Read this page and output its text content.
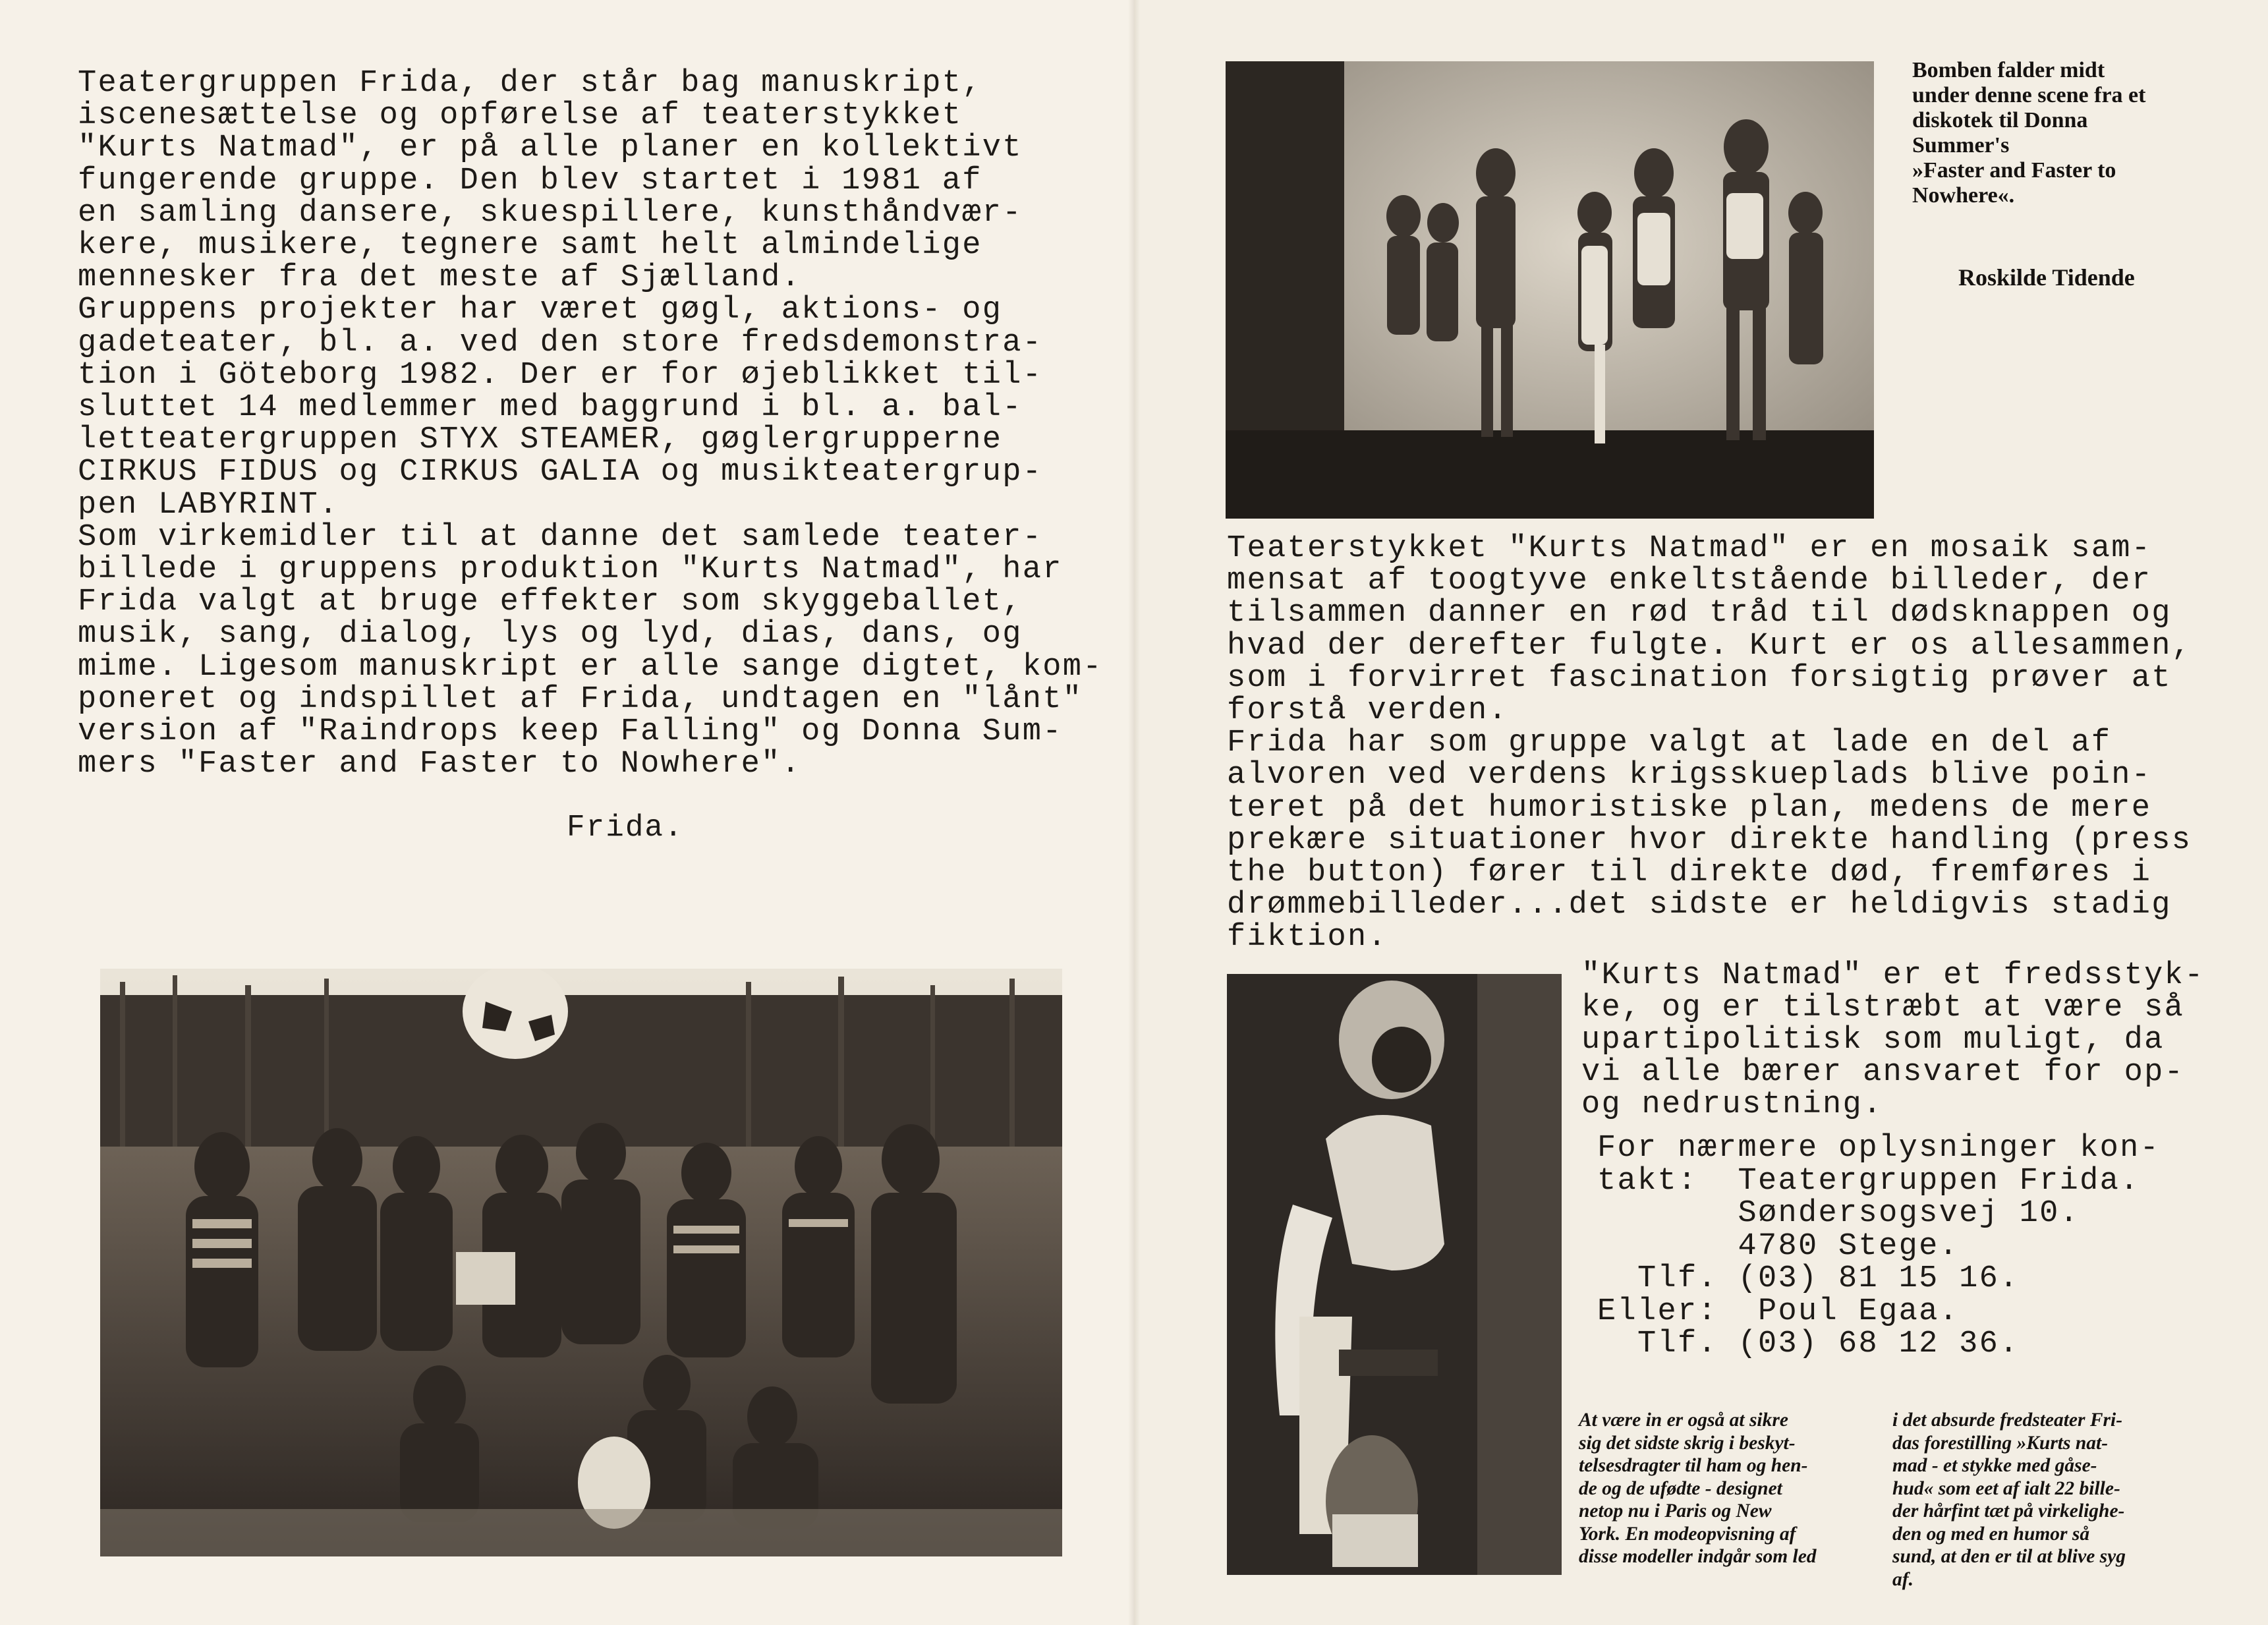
Teatergruppen Frida, der står bag manuskript,

iscenesættelse og opførelse af teaterstykket

"Kurts Natmad", er på alle planer en kollektivt

fungerende gruppe. Den blev startet i 1981 af

en samling dansere, skuespillere, kunsthåndvær-

kere, musikere, tegnere samt helt almindelige

mennesker fra det meste af Sjælland.

Gruppens projekter har været gøgl, aktions- og

gadeteater, bl. a. ved den store fredsdemonstra-

tion i Göteborg 1982. Der er for øjeblikket til-

sluttet 14 medlemmer med baggrund i bl. a. bal-

letteatergruppen STYX STEAMER, gøglergrupperne

CIRKUS FIDUS og CIRKUS GALIA og musikteatergrup-

pen LABYRINT.

Som virkemidler til at danne det samlede teater-

billede i gruppens produktion "Kurts Natmad", har

Frida valgt at bruge effekter som skyggeballet,

musik, sang, dialog, lys og lyd, dias, dans, og

mime. Ligesom manuskript er alle sange digtet, kom-

poneret og indspillet af Frida, undtagen en "lånt"

version af "Raindrops keep Falling" og Donna Sum-

mers "Faster and Faster to Nowhere".

Frida.

Bomben falder midt

under denne scene fra et

diskotek til Donna

Summer's

»Faster and Faster to

Nowhere«.

Roskilde Tidende

Teaterstykket "Kurts Natmad" er en mosaik sam-

mensat af toogtyve enkeltstående billeder, der

tilsammen danner en rød tråd til dødsknappen og

hvad der derefter fulgte. Kurt er os allesammen,

som i forvirret fascination forsigtig prøver at

forstå verden.

Frida har som gruppe valgt at lade en del af

alvoren ved verdens krigsskueplads blive poin-

teret på det humoristiske plan, medens de mere

prekære situationer hvor direkte handling (press

the button) fører til direkte død, fremføres i

drømmebilleder...det sidste er heldigvis stadig

fiktion.

"Kurts Natmad" er et fredsstyk-

ke, og er tilstræbt at være så

upartipolitisk som muligt, da

vi alle bærer ansvaret for op-

og nedrustning.

For nærmere oplysninger kon-

takt:  Teatergruppen Frida.

Søndersogsvej 10.

4780 Stege.

Tlf. (03) 81 15 16.

Eller:  Poul Egaa.

Tlf. (03) 68 12 36.

At være in er også at sikre

sig det sidste skrig i beskyt-

telsesdragter til ham og hen-

de og de ufødte - designet

netop nu i Paris og New

York. En modeopvisning af

disse modeller indgår som led

i det absurde fredsteater Fri-

das forestilling »Kurts nat-

mad - et stykke med gåse-

hud« som eet af ialt 22 bille-

der hårfint tæt på virkelighe-

den og med en humor så

sund, at den er til at blive syg

af.
